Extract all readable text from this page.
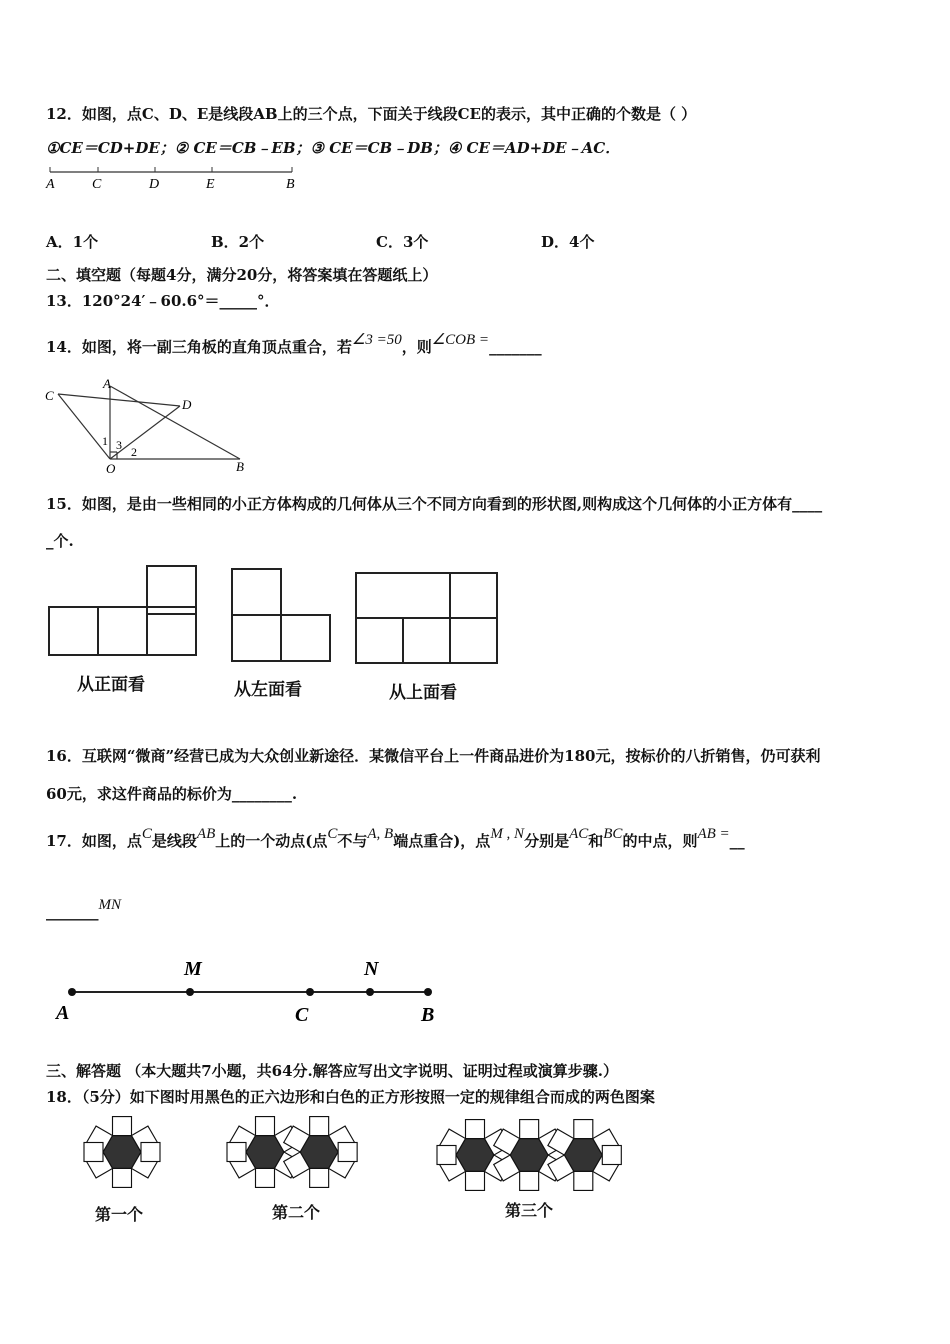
12．如图，点C、D、E是线段AB上的三个点，下面关于线段CE的表示，其中正确的个数是（ ）
①CE＝CD+DE；② CE＝CB﹣EB；③ CE＝CB﹣DB；④ CE＝AD+DE﹣AC．
A	C	D	E	B
A．1个	B．2个	C．3个	D．4个
二、填空题（每题4分，满分20分，将答案填在答题纸上）
13．120°24′﹣60.6°＝_____°．
14．如图，将一副三角板的直角顶点重合，若∠3 =50，则∠COB =_______
C
A
D
1 3 2
O	B
15．如图，是由一些相同的小正方体构成的几何体从三个不同方向看到的形状图,则构成这个几何体的小正方体有____
_个.
从正面看	从左面看	从上面看
16．互联网“微商”经营已成为大众创业新途径．某微信平台上一件商品进价为180元，按标价的八折销售，仍可获利
60元，求这件商品的标价为________.
17．如图，点C是线段AB上的一个动点(点C不与A, B端点重合)，点M , N分别是AC和BC的中点，则AB =__
_______MN
M	N
A	C	B
三、解答题 （本大题共7小题，共64分.解答应写出文字说明、证明过程或演算步骤.）
18．（5分）如下图时用黑色的正六边形和白色的正方形按照一定的规律组合而成的两色图案
第一个	第二个	第三个
